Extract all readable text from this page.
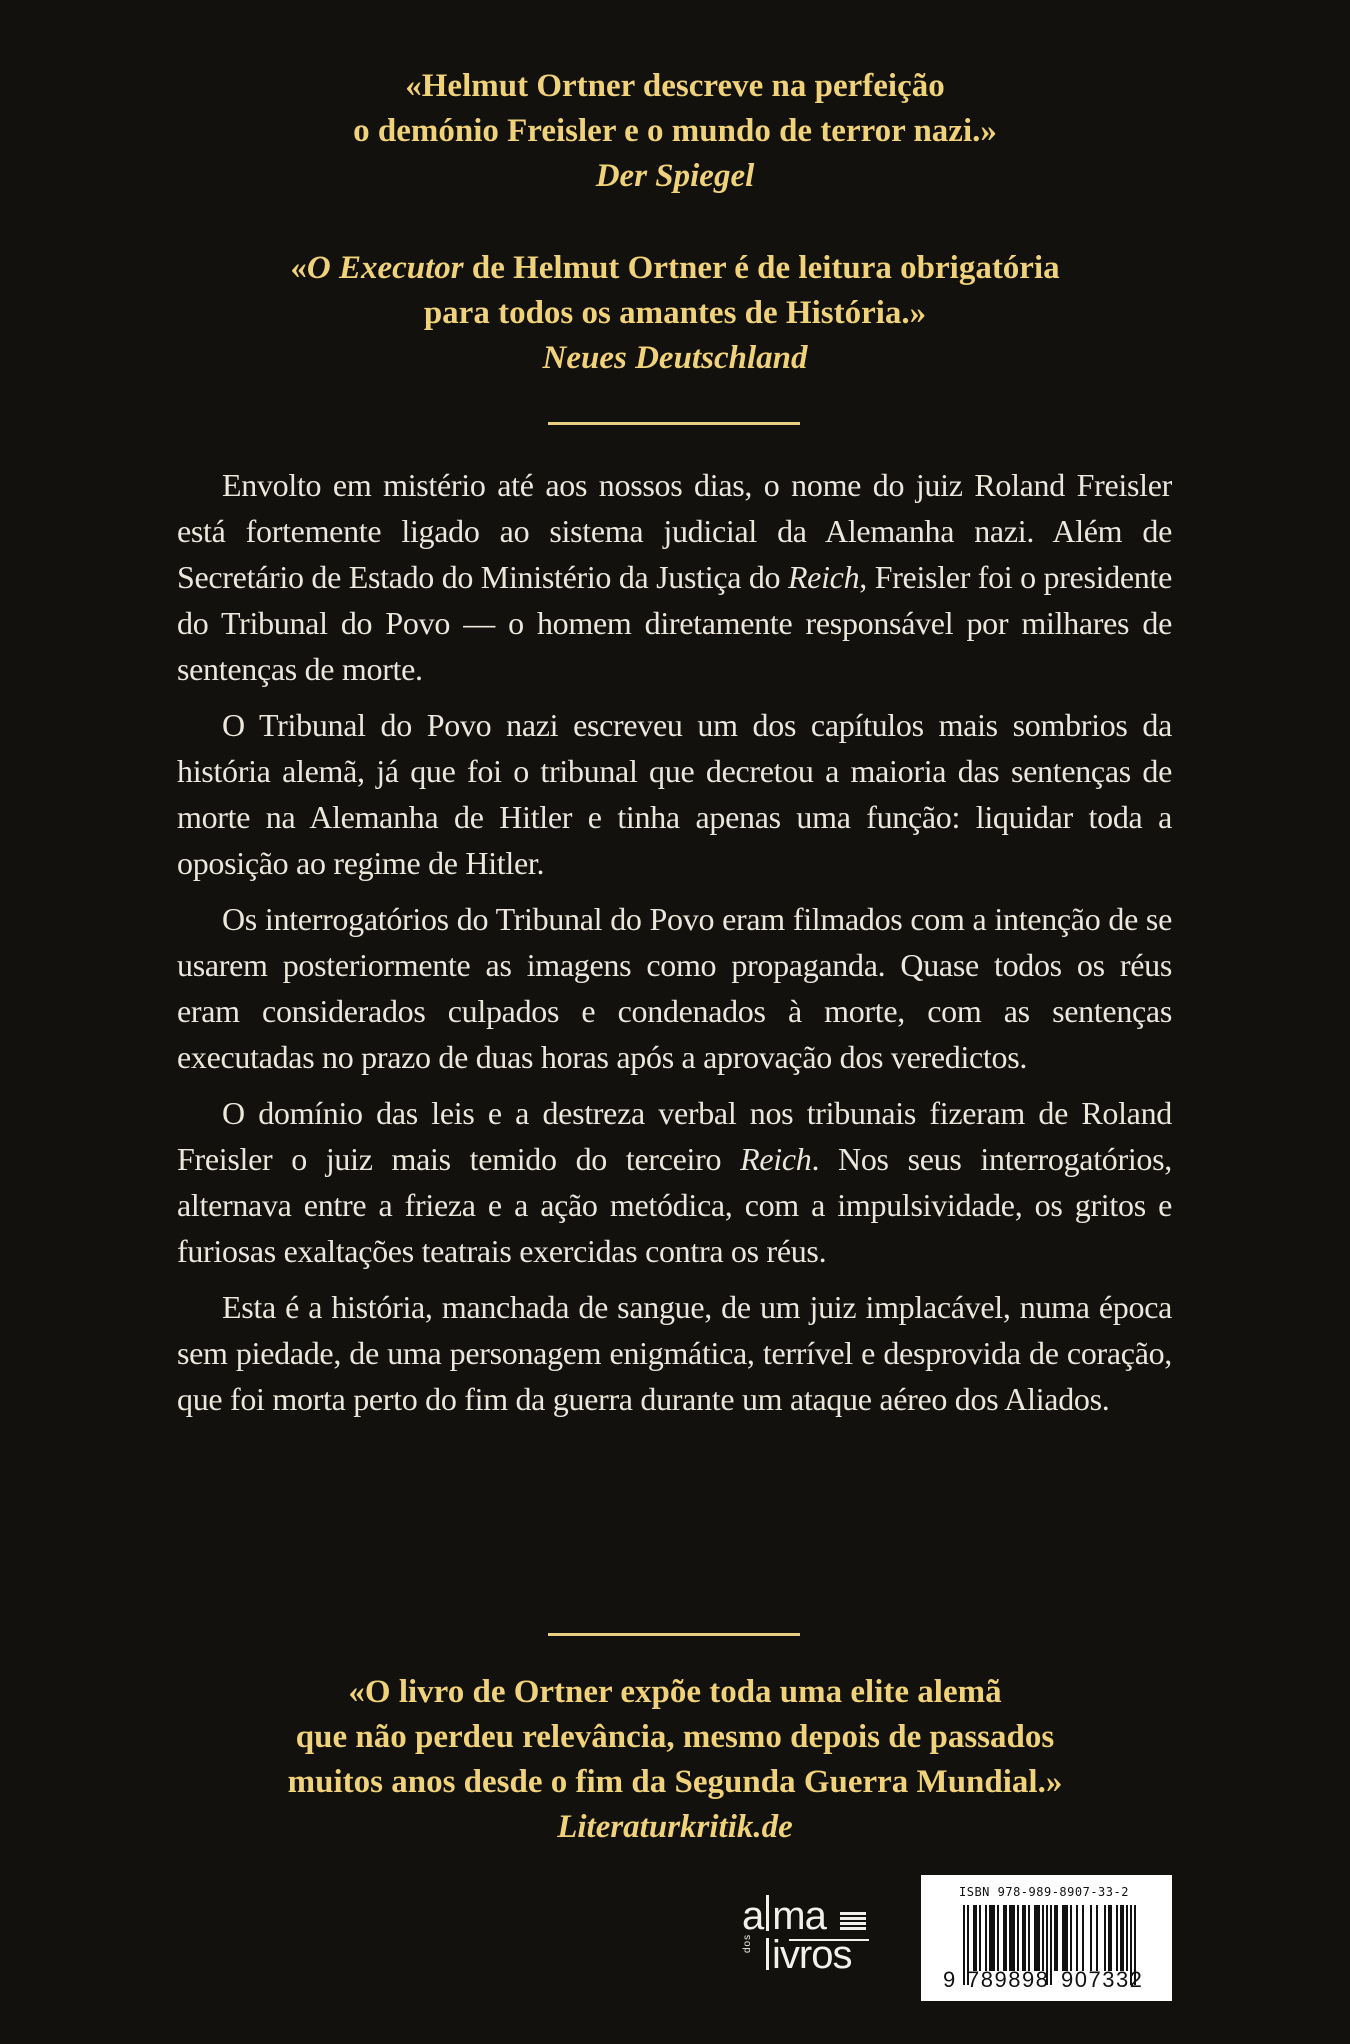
«Helmut Ortner descreve na perfeição
o demónio Freisler e o mundo de terror nazi.»
Der Spiegel
«O Executor de Helmut Ortner é de leitura obrigatória
para todos os amantes de História.»
Neues Deutschland

Envolto em mistério até aos nossos dias, o nome do juiz Roland Freisler está fortemente ligado ao sistema judicial da Alemanha nazi. Além de Secretário de Estado do Ministério da Justiça do Reich, Freisler foi o presidente do Tribunal do Povo — o homem diretamente responsável por milhares de sentenças de morte.

O Tribunal do Povo nazi escreveu um dos capítulos mais sombrios da história alemã, já que foi o tribunal que decretou a maioria das sentenças de morte na Alemanha de Hitler e tinha apenas uma função: liquidar toda a oposição ao regime de Hitler.

Os interrogatórios do Tribunal do Povo eram filmados com a intenção de se usarem posteriormente as imagens como propaganda. Quase todos os réus eram considerados culpados e condenados à morte, com as sentenças executadas no prazo de duas horas após a aprovação dos veredictos.

O domínio das leis e a destreza verbal nos tribunais fizeram de Roland Freisler o juiz mais temido do terceiro Reich. Nos seus interrogatórios, alternava entre a frieza e a ação metódica, com a impulsividade, os gritos e furiosas exaltações teatrais exercidas contra os réus.

Esta é a história, manchada de sangue, de um juiz implacável, numa época sem piedade, de uma personagem enigmática, terrível e desprovida de coração, que foi morta perto do fim da guerra durante um ataque aéreo dos Aliados.

«O livro de Ortner expõe toda uma elite alemã
que não perdeu relevância, mesmo depois de passados
muitos anos desde o fim da Segunda Guerra Mundial.»
Literaturkritik.de
a ma
ivros
dos
ISBN 978-989-8907-33-2
9 789898 907332
